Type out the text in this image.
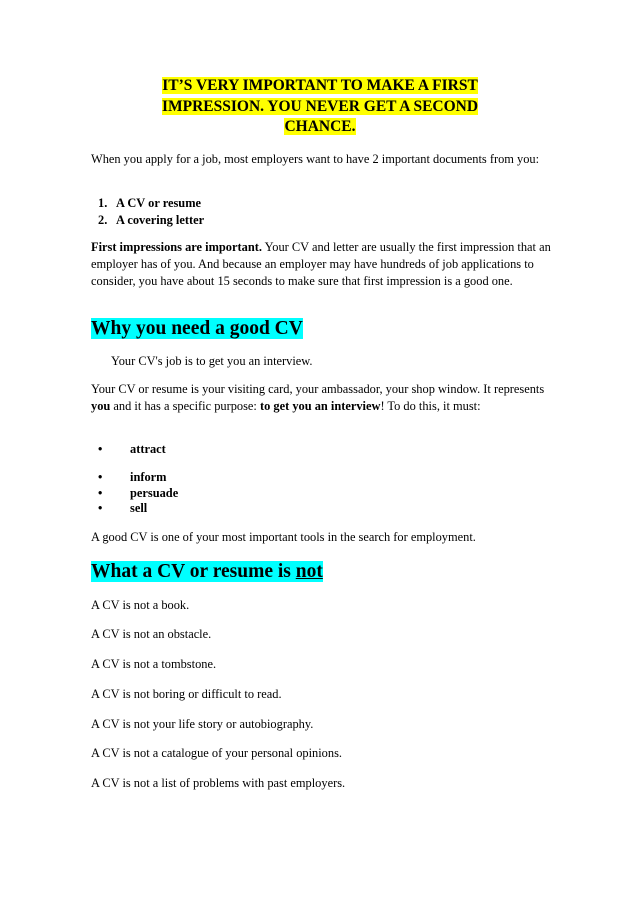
IT’S VERY IMPORTANT TO MAKE A FIRST
IMPRESSION. YOU NEVER GET A SECOND
CHANCE.
When you apply for a job, most employers want to have 2 important documents from you:
1. A CV or resume
2. A covering letter
First impressions are important. Your CV and letter are usually the first impression that an employer has of you. And because an employer may have hundreds of job applications to consider, you have about 15 seconds to make sure that first impression is a good one.
Why you need a good CV
Your CV's job is to get you an interview.
Your CV or resume is your visiting card, your ambassador, your shop window. It represents you and it has a specific purpose: to get you an interview! To do this, it must:
• attract
• inform
• persuade
• sell
A good CV is one of your most important tools in the search for employment.
What a CV or resume is not
A CV is not a book.
A CV is not an obstacle.
A CV is not a tombstone.
A CV is not boring or difficult to read.
A CV is not your life story or autobiography.
A CV is not a catalogue of your personal opinions.
A CV is not a list of problems with past employers.
